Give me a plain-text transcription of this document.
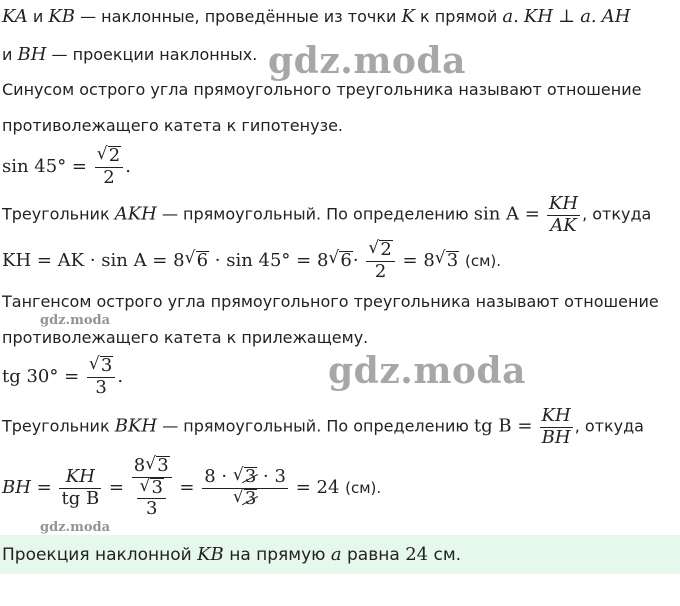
KA и KB — наклонные, проведённые из точки K к прямой a. KH ⊥ a. AH
и BH — проекции наклонных.
Синусом острого угла прямоугольного треугольника называют отношение
противолежащего катета к гипотенузе.
sin 45° =
√ $\frac{2}{2}$ .
Треугольник AKH — прямоугольный. По определению $\sin A = \frac{KH}{AK}$ , откуда
KH = AK · sin A = 8√ 6 · sin 45° = 8√ 6·
√ $\frac{2}{2} = 8√$ 3 (см).
Тангенсом острого угла прямоугольного треугольника называют отношение
противолежащего катета к прилежащему.
tg 30° =
√ $\frac{3}{3}$ .
Треугольник BKH — прямоугольный. По определению tg $B = \frac{KH}{BH}$ , откуда
BH = $\frac{KH}{\text{tg B}} = 8√$ 3
√ $\frac{3}{3} = 8$ · √ 3 · 3
√ 3 = 24 (см).
Проекция наклонной KB на прямую a равна 24 см.
gdz.moda
gdz.moda
gdz.moda
gdz.moda
